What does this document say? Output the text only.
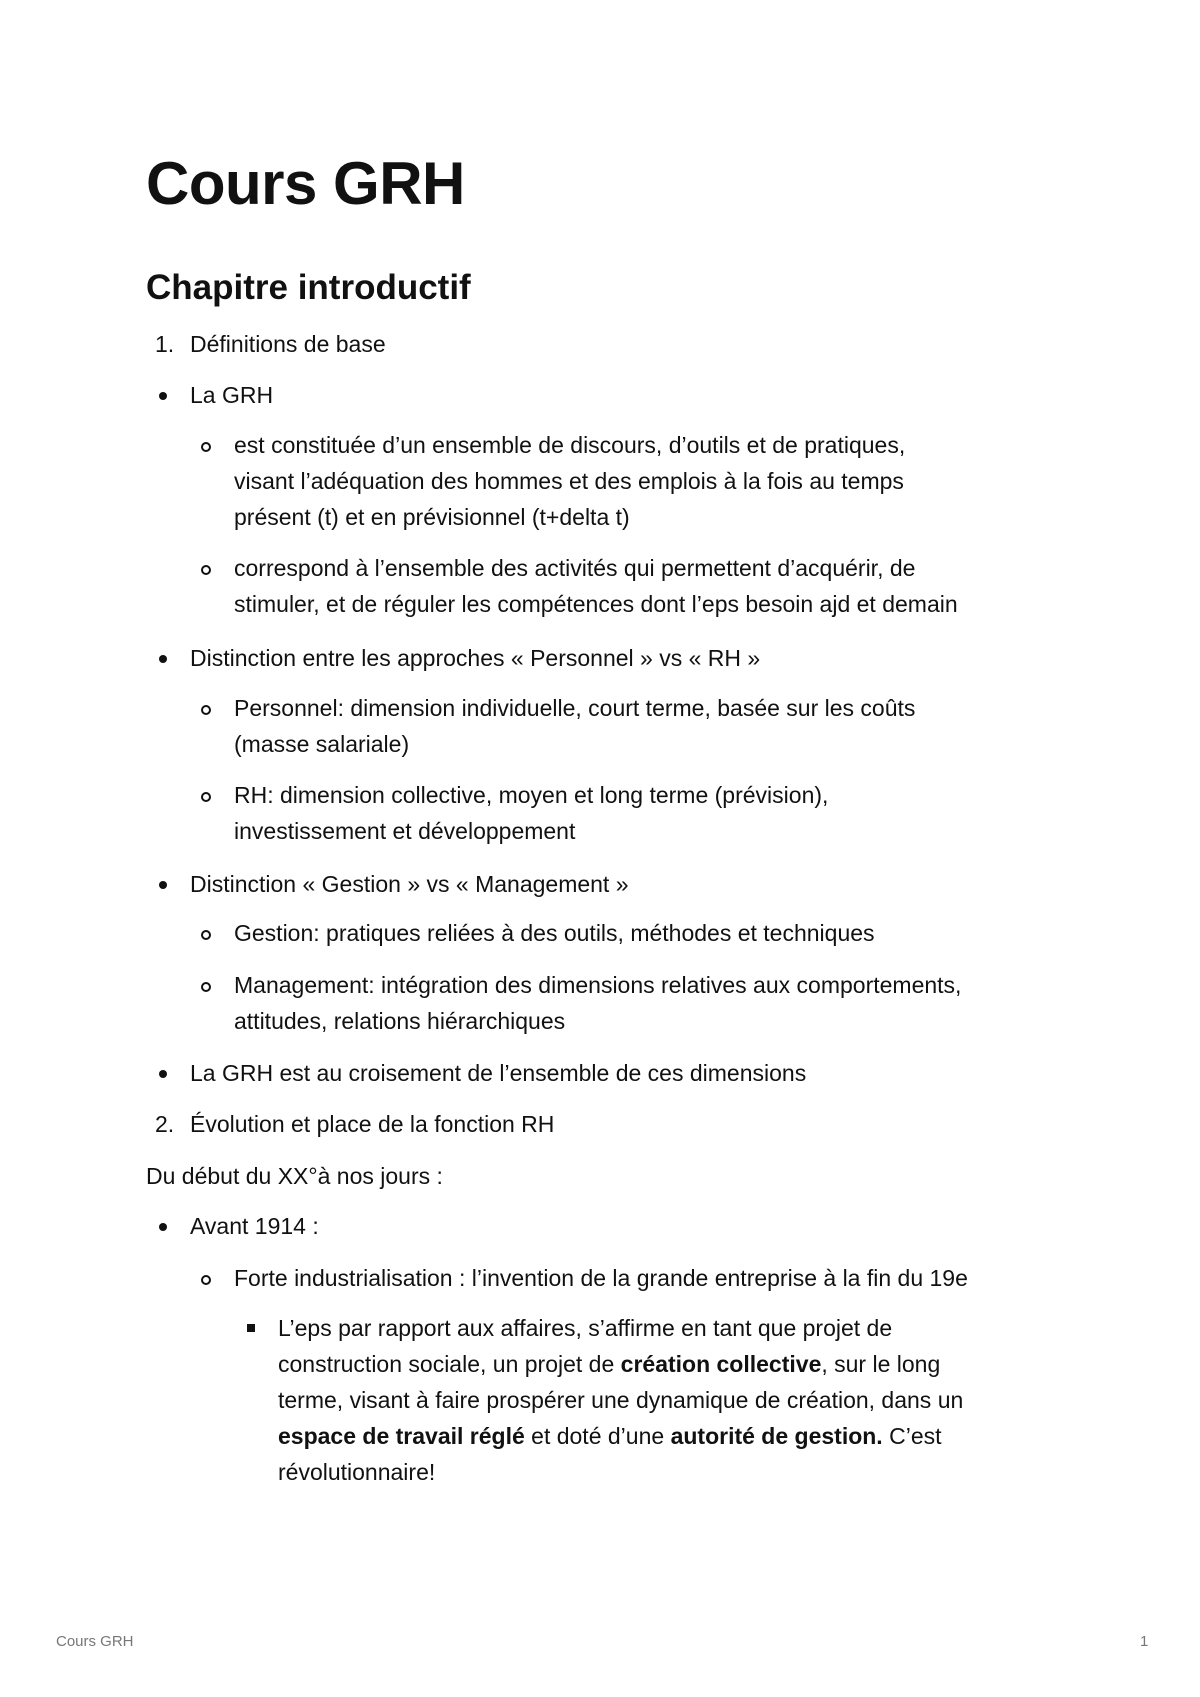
Cours GRH
Chapitre introductif
1. Définitions de base
La GRH
est constituée d’un ensemble de discours, d’outils et de pratiques,
visant l’adéquation des hommes et des emplois à la fois au temps
présent (t) et en prévisionnel (t+delta t)
correspond à l’ensemble des activités qui permettent d’acquérir, de
stimuler, et de réguler les compétences dont l’eps besoin ajd et demain
Distinction entre les approches « Personnel » vs « RH »
Personnel: dimension individuelle, court terme, basée sur les coûts
(masse salariale)
RH: dimension collective, moyen et long terme (prévision),
investissement et développement
Distinction « Gestion » vs « Management »
Gestion: pratiques reliées à des outils, méthodes et techniques
Management: intégration des dimensions relatives aux comportements,
attitudes, relations hiérarchiques
La GRH est au croisement de l’ensemble de ces dimensions
2. Évolution et place de la fonction RH
Du début du XX°à nos jours :
Avant 1914 :
Forte industrialisation : l’invention de la grande entreprise à la fin du 19e
L’eps par rapport aux affaires, s’affirme en tant que projet de
construction sociale, un projet de création collective, sur le long
terme, visant à faire prospérer une dynamique de création, dans un
espace de travail réglé et doté d’une autorité de gestion. C’est
révolutionnaire!
Cours GRH	1
